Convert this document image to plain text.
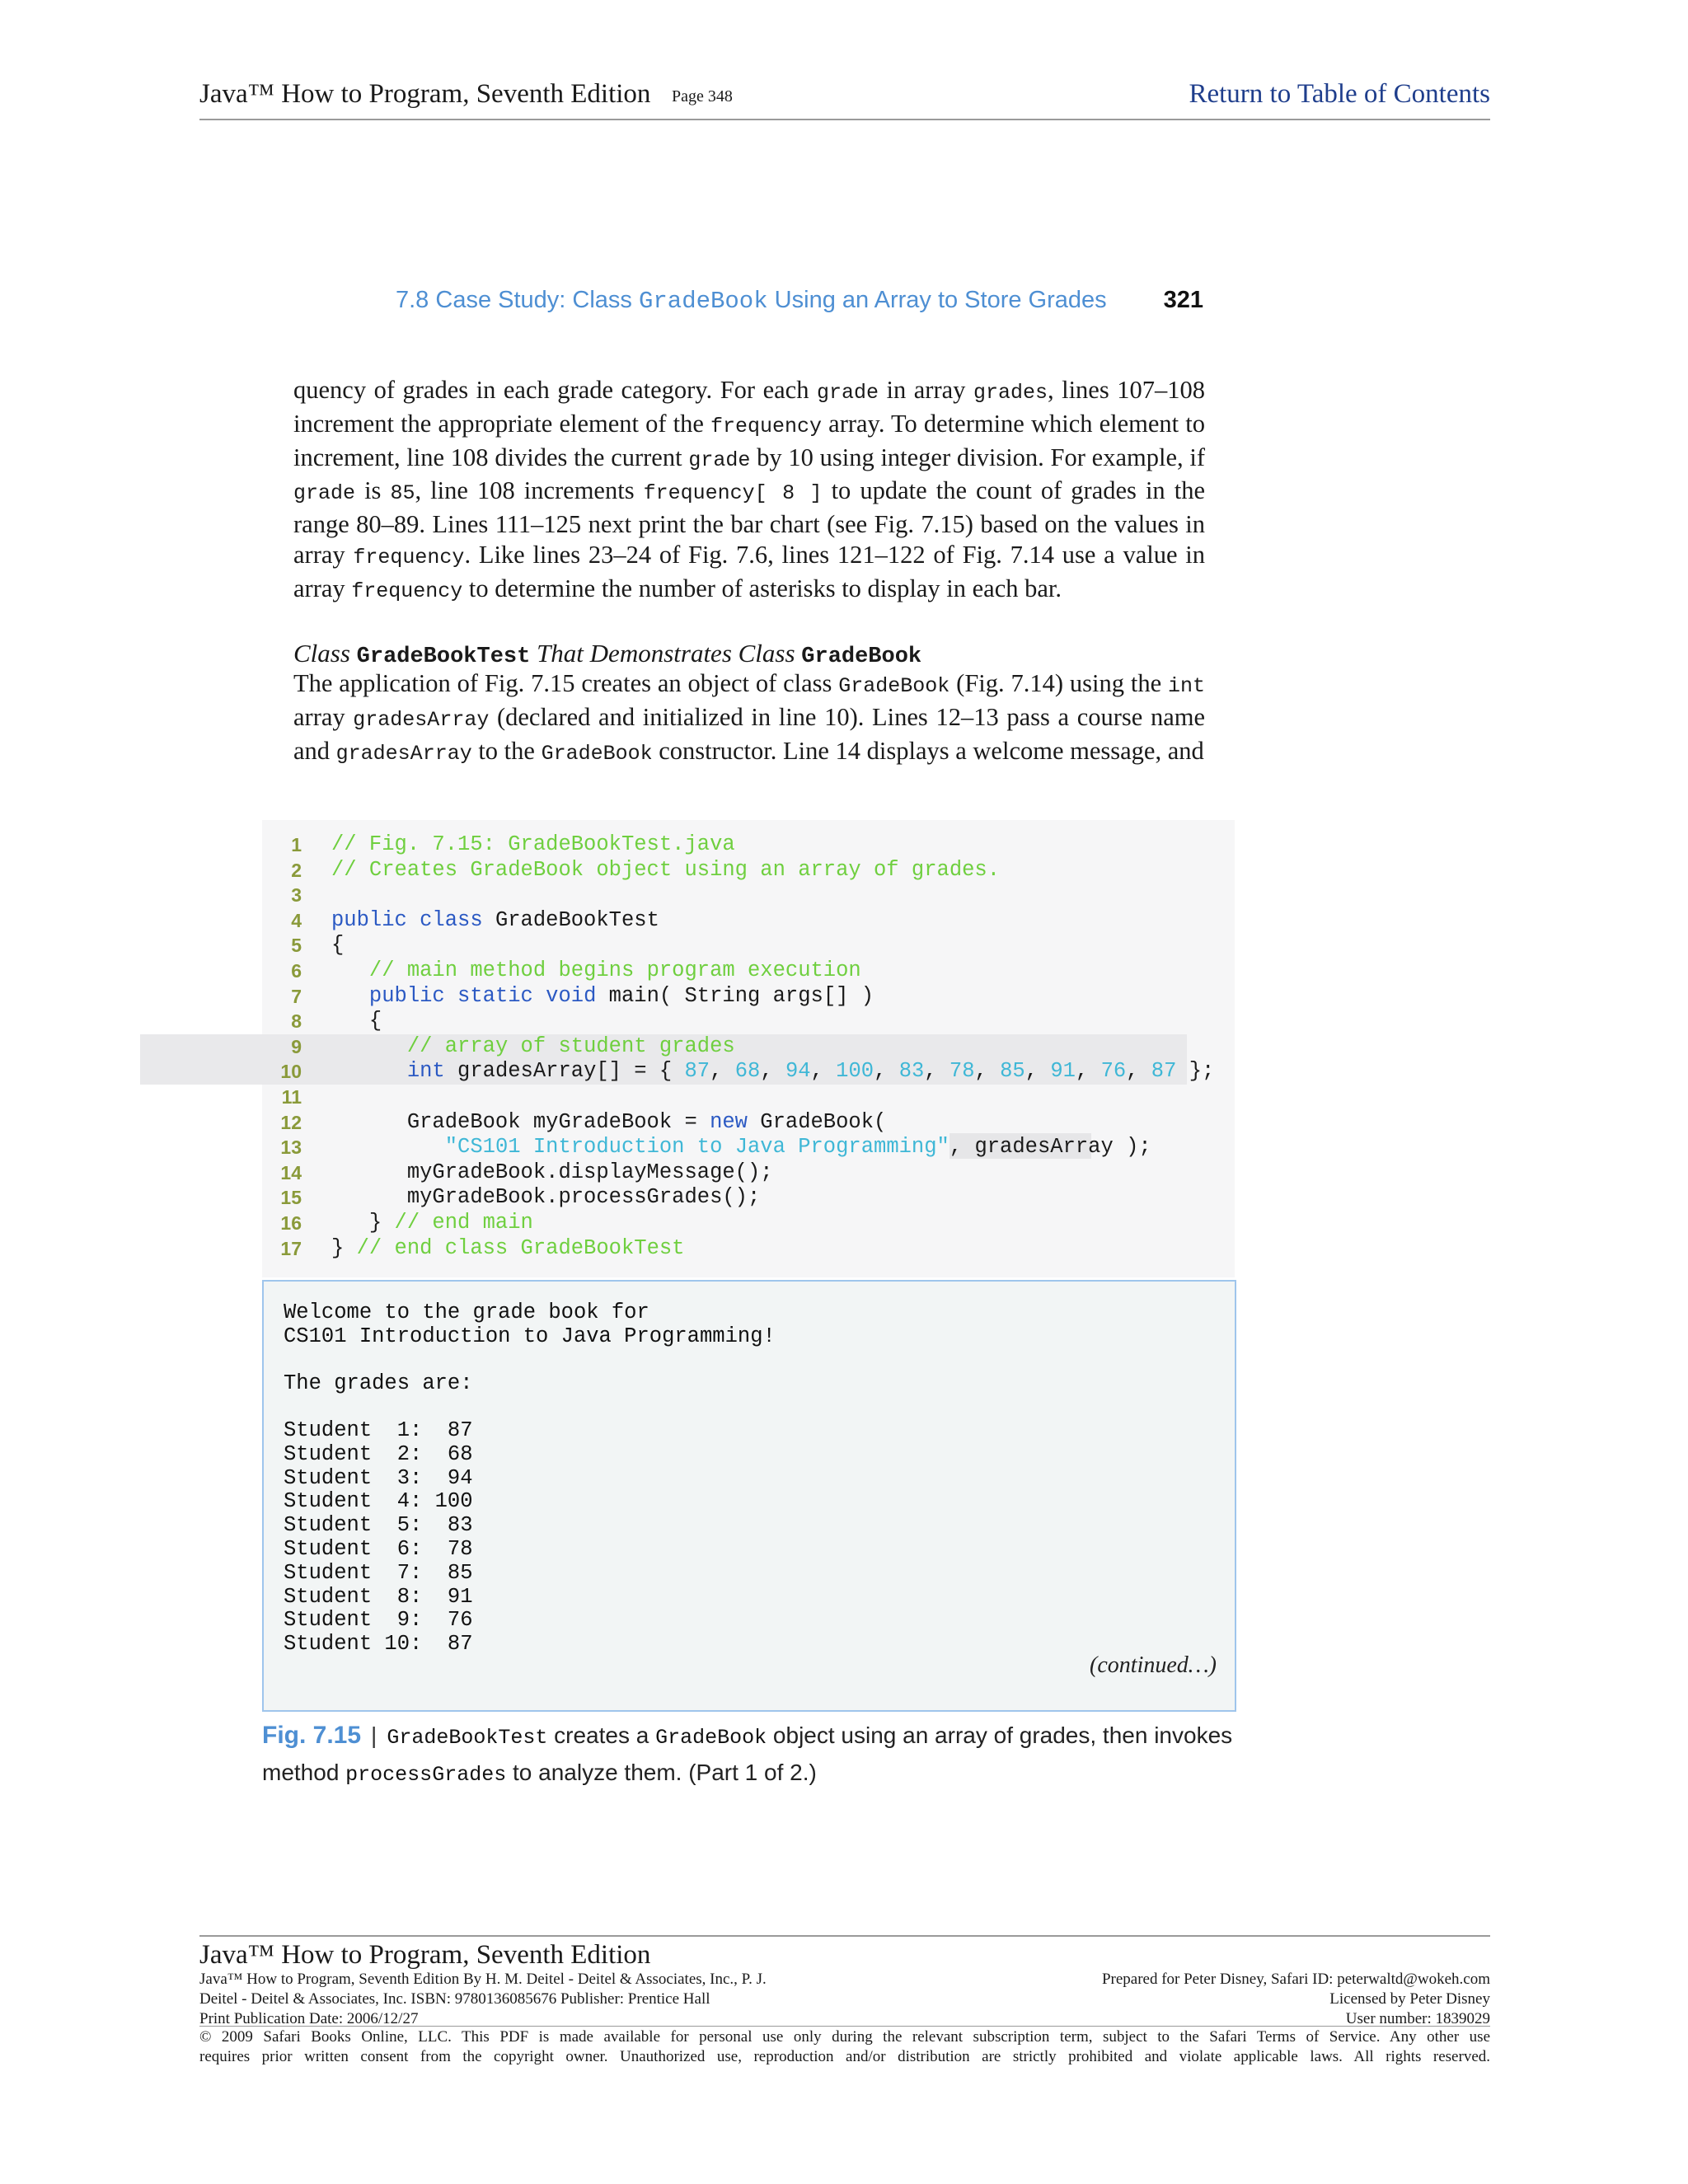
Java™ How to Program, Seventh Edition Page 348	Return to Table of Contents
7.8 Case Study: Class GradeBook Using an Array to Store Grades 321
quency of grades in each grade category. For each grade in array grades, lines 107–108 increment the appropriate element of the frequency array. To determine which element to increment, line 108 divides the current grade by 10 using integer division. For example, if grade is 85, line 108 increments frequency[ 8 ] to update the count of grades in the range 80–89. Lines 111–125 next print the bar chart (see Fig. 7.15) based on the values in array frequency. Like lines 23–24 of Fig. 7.6, lines 121–122 of Fig. 7.14 use a value in array frequency to determine the number of asterisks to display in each bar.
Class GradeBookTest That Demonstrates Class GradeBook
The application of Fig. 7.15 creates an object of class GradeBook (Fig. 7.14) using the int array gradesArray (declared and initialized in line 10). Lines 12–13 pass a course name and gradesArray to the GradeBook constructor. Line 14 displays a welcome message, and
1 // Fig. 7.15: GradeBookTest.java
2 // Creates GradeBook object using an array of grades.
3
4 public class GradeBookTest
5 {
6	// main method begins program execution
7	public static void main( String args[] )
8 {
9	// array of student grades
10	int gradesArray[] = { 87, 68, 94, 100, 83, 78, 85, 91, 76, 87 };
11
12 GradeBook myGradeBook = new GradeBook(
13	"CS101 Introduction to Java Programming", gradesArray );
14 myGradeBook.displayMessage();
15 myGradeBook.processGrades();
16 } // end main
17 } // end class GradeBookTest
Welcome to the grade book for
CS101 Introduction to Java Programming!
The grades are:
Student  1:  87
Student  2:  68
Student  3:  94
Student  4: 100
Student  5:  83
Student  6:  78
Student  7:  85
Student  8:  91
Student  9:  76
Student 10:  87
(continued…)
Fig. 7.15 | GradeBookTest creates a GradeBook object using an array of grades, then invokes method processGrades to analyze them. (Part 1 of 2.)
Java™ How to Program, Seventh Edition
Java™ How to Program, Seventh Edition By H. M. Deitel - Deitel & Associates, Inc., P. J.
Deitel - Deitel & Associates, Inc. ISBN: 9780136085676 Publisher: Prentice Hall
Print Publication Date: 2006/12/27
Prepared for Peter Disney, Safari ID: peterwaltd@wokeh.com
Licensed by Peter Disney
User number: 1839029
© 2009 Safari Books Online, LLC. This PDF is made available for personal use only during the relevant subscription term, subject to the Safari Terms of Service. Any other use
requires prior written consent from the copyright owner. Unauthorized use, reproduction and/or distribution are strictly prohibited and violate applicable laws. All rights reserved.
